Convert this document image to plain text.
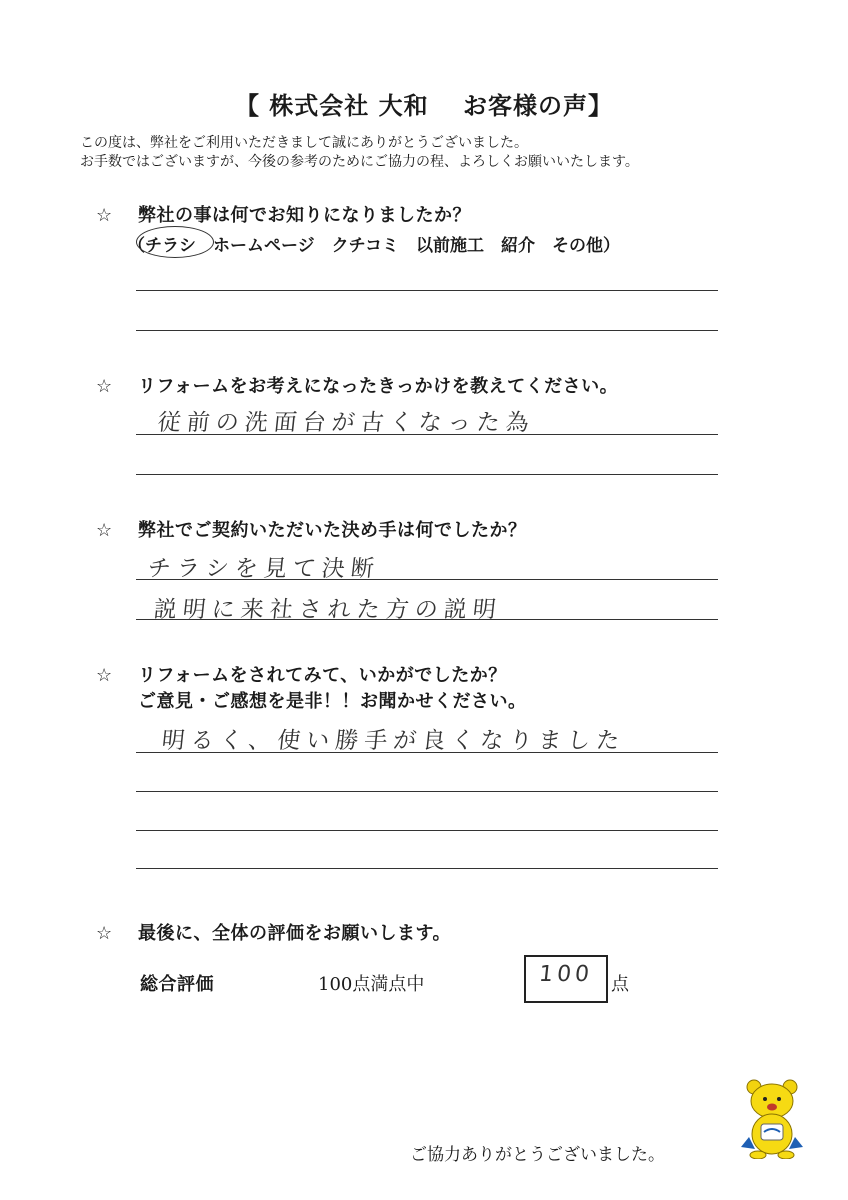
【 株式会社 大和　 お客様の声】
この度は、弊社をご利用いただきまして誠にありがとうございました。
お手数ではございますが、今後の参考のためにご協力の程、よろしくお願いいたします。
☆ 弊社の事は何でお知りになりましたか？
（チラシ　ホームページ　クチコミ　以前施工　紹介　その他）
☆ リフォームをお考えになったきっかけを教えてください。
従前の洗面台が古くなった為
☆ 弊社でご契約いただいた決め手は何でしたか？
チラシを見て決断
説明に来社された方の説明
☆ リフォームをされてみて、いかがでしたか？
ご意見・ご感想を是非！！お聞かせください。
明るく、使い勝手が良くなりました
☆ 最後に、全体の評価をお願いします。
総合評価	100点満点中	100 点
ご協力ありがとうございました。
